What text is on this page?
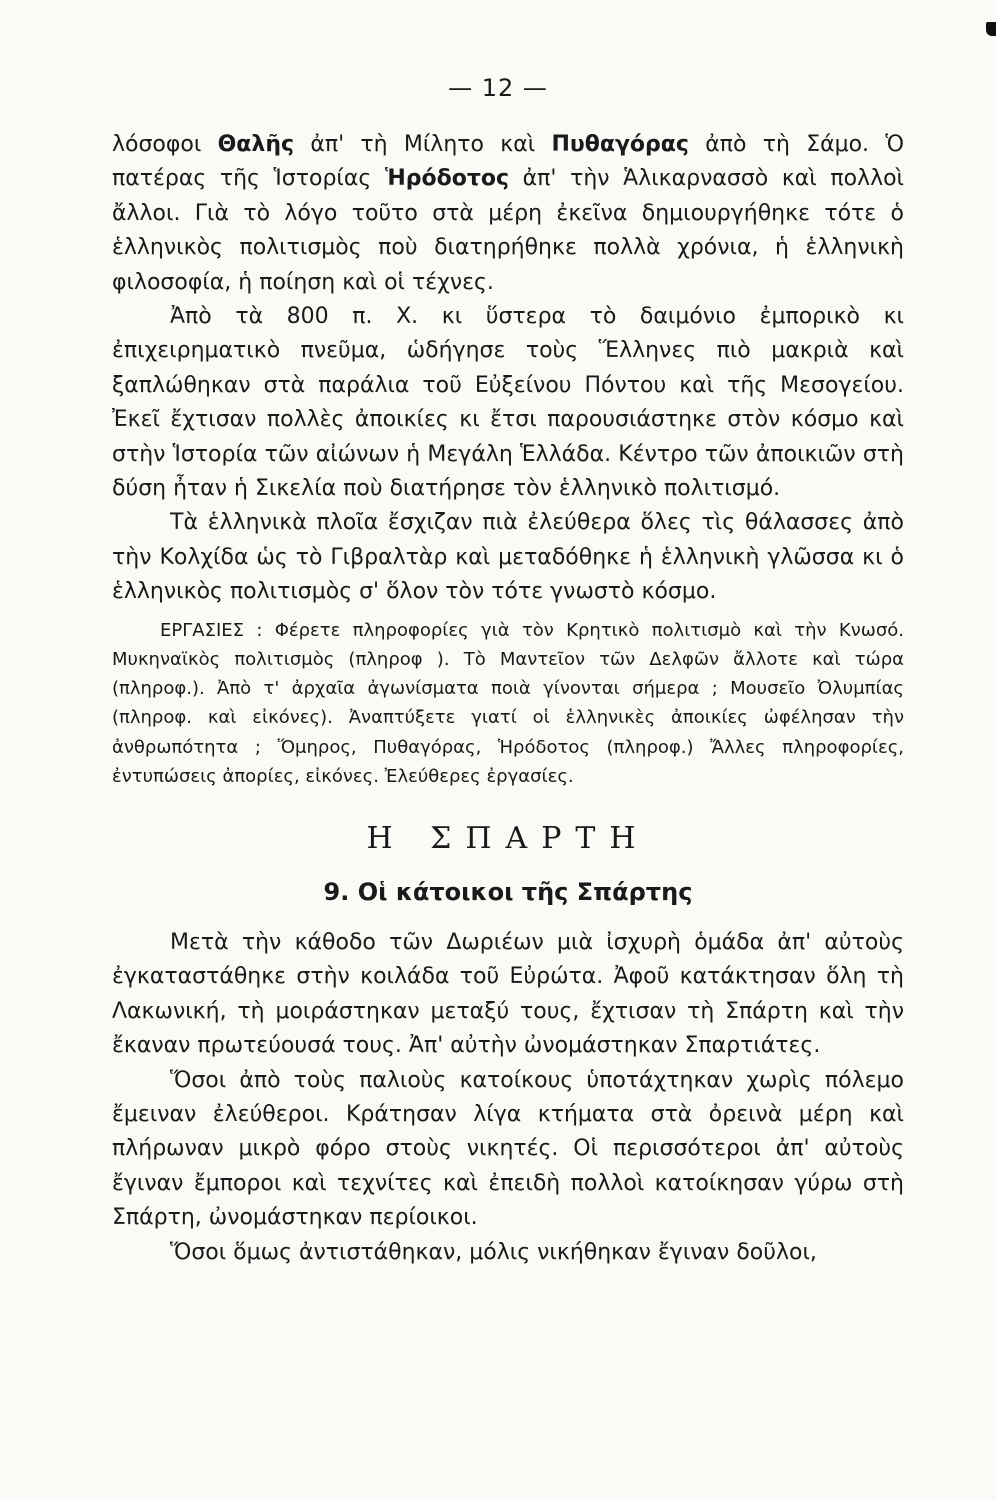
— 12 —

λόσοφοι Θαλῆς ἀπ' τὴ Μίλητο καὶ Πυθαγόρας ἀπὸ τὴ Σάμο. Ὁ πατέρας τῆς Ἱστορίας Ἡρόδοτος ἀπ' τὴν Ἁλικαρνασσὸ καὶ πολλοὶ ἄλλοι. Γιὰ τὸ λόγο τοῦτο στὰ μέρη ἐκεῖνα δημιουργήθηκε τότε ὁ ἑλληνικὸς πολιτισμὸς ποὺ διατηρήθηκε πολλὰ χρόνια, ἡ ἑλληνικὴ φιλοσοφία, ἡ ποίηση καὶ οἱ τέχνες.

Ἀπὸ τὰ 800 π. Χ. κι ὕστερα τὸ δαιμόνιο ἐμπορικὸ κι ἐπιχειρηματικὸ πνεῦμα, ὡδήγησε τοὺς Ἕλληνες πιὸ μακριὰ καὶ ξαπλώθηκαν στὰ παράλια τοῦ Εὐξείνου Πόντου καὶ τῆς Μεσογείου. Ἐκεῖ ἔχτισαν πολλὲς ἀποικίες κι ἔτσι παρουσιάστηκε στὸν κόσμο καὶ στὴν Ἱστορία τῶν αἰώνων ἡ Μεγάλη Ἑλλάδα. Κέντρο τῶν ἀποικιῶν στὴ δύση ἦταν ἡ Σικελία ποὺ διατήρησε τὸν ἑλληνικὸ πολιτισμό.

Τὰ ἑλληνικὰ πλοῖα ἔσχιζαν πιὰ ἐλεύθερα ὅλες τὶς θάλασσες ἀπὸ τὴν Κολχίδα ὡς τὸ Γιβραλτὰρ καὶ μεταδόθηκε ἡ ἑλληνικὴ γλῶσσα κι ὁ ἑλληνικὸς πολιτισμὸς σ' ὅλον τὸν τότε γνωστὸ κόσμο.

ΕΡΓΑΣΙΕΣ : Φέρετε πληροφορίες γιὰ τὸν Κρητικὸ πολιτισμὸ καὶ τὴν Κνωσό. Μυκηναϊκὸς πολιτισμὸς (πληροφ ). Τὸ Μαντεῖον τῶν Δελφῶν ἄλλοτε καὶ τώρα (πληροφ.). Ἀπὸ τ' ἀρχαῖα ἀγωνίσματα ποιὰ γίνονται σήμερα ; Μουσεῖο Ὀλυμπίας (πληροφ. καὶ εἰκόνες). Ἀναπτύξετε γιατί οἱ ἑλληνικὲς ἀποικίες ὠφέλησαν τὴν ἀνθρωπότητα ; Ὅμηρος, Πυθαγόρας, Ἡρόδοτος (πληροφ.) Ἄλλες πληροφορίες, ἐντυπώσεις ἀπορίες, εἰκόνες. Ἐλεύθερες ἐργασίες.

Η ΣΠΑΡΤΗ
9. Οἱ κάτοικοι τῆς Σπάρτης

Μετὰ τὴν κάθοδο τῶν Δωριέων μιὰ ἰσχυρὴ ὁμάδα ἀπ' αὐτοὺς ἐγκαταστάθηκε στὴν κοιλάδα τοῦ Εὐρώτα. Ἀφοῦ κατάκτησαν ὅλη τὴ Λακωνική, τὴ μοιράστηκαν μεταξύ τους, ἔχτισαν τὴ Σπάρτη καὶ τὴν ἔκαναν πρωτεύουσά τους. Ἀπ' αὐτὴν ὠνομάστηκαν Σπαρτιάτες.

Ὅσοι ἀπὸ τοὺς παλιοὺς κατοίκους ὑποτάχτηκαν χωρὶς πόλεμο ἔμειναν ἐλεύθεροι. Κράτησαν λίγα κτήματα στὰ ὀρεινὰ μέρη καὶ πλήρωναν μικρὸ φόρο στοὺς νικητές. Οἱ περισσότεροι ἀπ' αὐτοὺς ἔγιναν ἔμποροι καὶ τεχνίτες καὶ ἐπειδὴ πολλοὶ κατοίκησαν γύρω στὴ Σπάρτη, ὠνομάστηκαν περίοικοι.

Ὅσοι ὅμως ἀντιστάθηκαν, μόλις νικήθηκαν ἔγιναν δοῦλοι,
